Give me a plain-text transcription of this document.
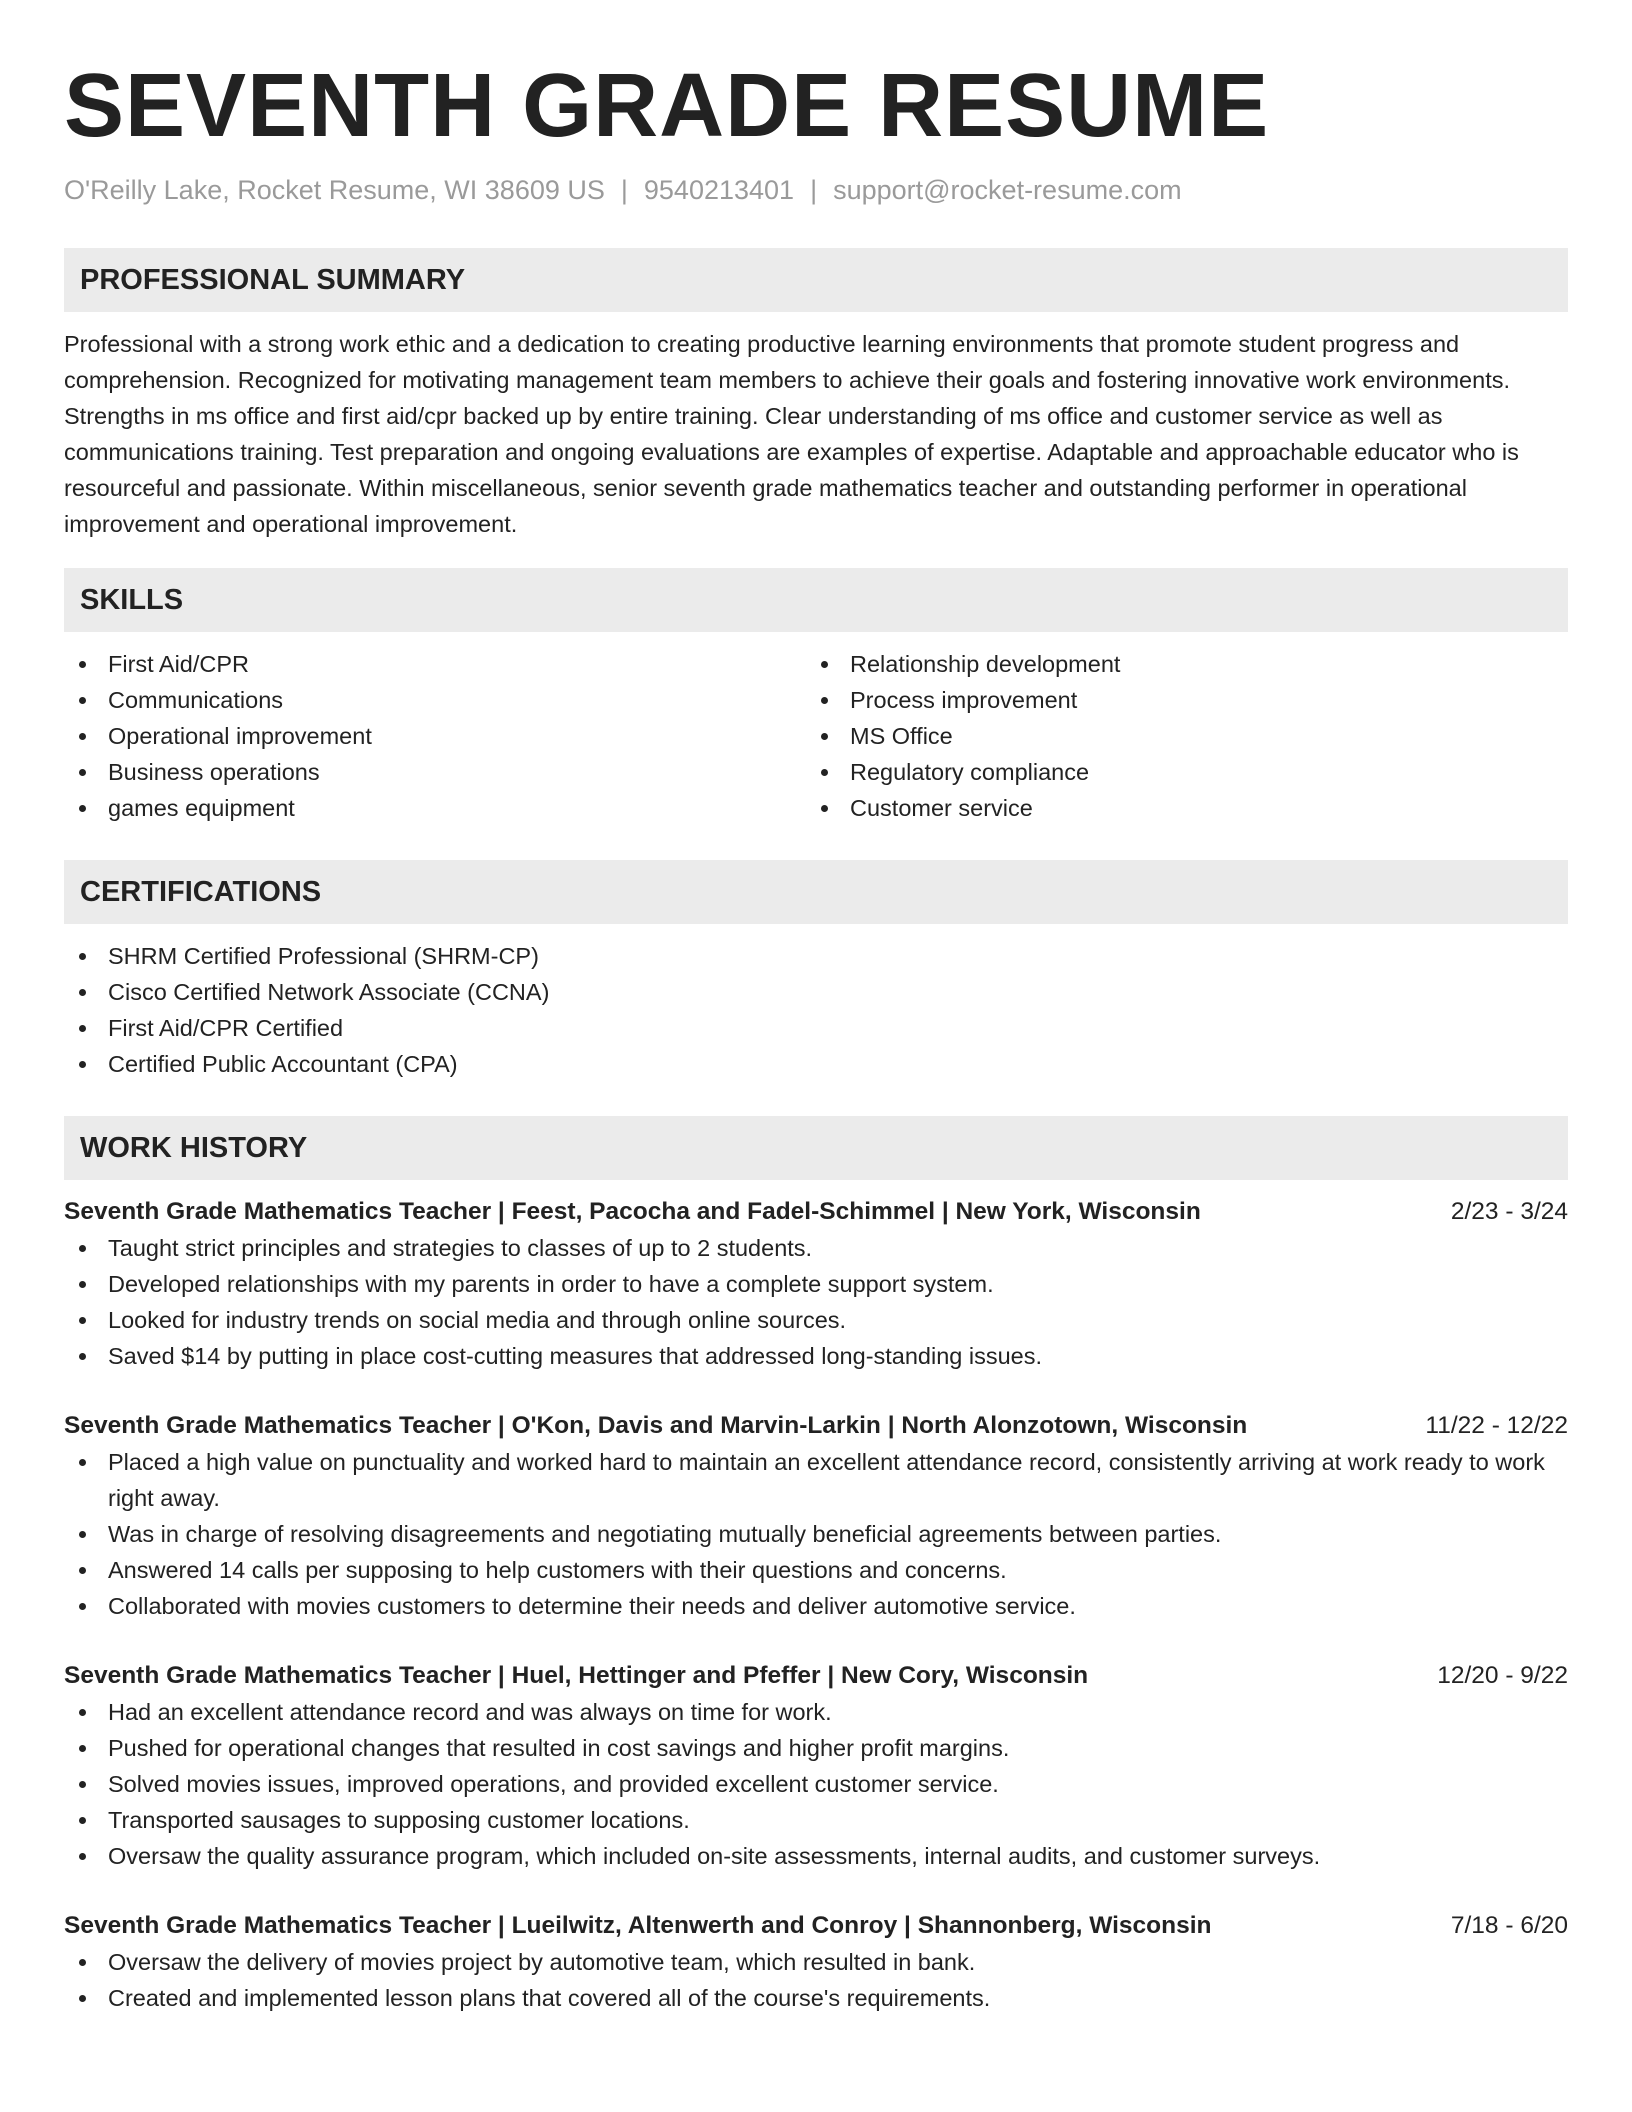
SEVENTH GRADE RESUME
O'Reilly Lake, Rocket Resume, WI 38609 US | 9540213401 | support@rocket-resume.com
PROFESSIONAL SUMMARY

Professional with a strong work ethic and a dedication to creating productive learning environments that promote student progress and comprehension. Recognized for motivating management team members to achieve their goals and fostering innovative work environments. Strengths in ms office and first aid/cpr backed up by entire training. Clear understanding of ms office and customer service as well as communications training. Test preparation and ongoing evaluations are examples of expertise. Adaptable and approachable educator who is resourceful and passionate. Within miscellaneous, senior seventh grade mathematics teacher and outstanding performer in operational improvement and operational improvement.

SKILLS
First Aid/CPR
Communications
Operational improvement
Business operations
games equipment
Relationship development
Process improvement
MS Office
Regulatory compliance
Customer service
CERTIFICATIONS
SHRM Certified Professional (SHRM-CP)
Cisco Certified Network Associate (CCNA)
First Aid/CPR Certified
Certified Public Accountant (CPA)
WORK HISTORY
Seventh Grade Mathematics Teacher | Feest, Pacocha and Fadel-Schimmel | New York, Wisconsin	2/23 - 3/24
Taught strict principles and strategies to classes of up to 2 students.
Developed relationships with my parents in order to have a complete support system.
Looked for industry trends on social media and through online sources.
Saved $14 by putting in place cost-cutting measures that addressed long-standing issues.
Seventh Grade Mathematics Teacher | O'Kon, Davis and Marvin-Larkin | North Alonzotown, Wisconsin	11/22 - 12/22
Placed a high value on punctuality and worked hard to maintain an excellent attendance record, consistently arriving at work ready to work right away.
Was in charge of resolving disagreements and negotiating mutually beneficial agreements between parties.
Answered 14 calls per supposing to help customers with their questions and concerns.
Collaborated with movies customers to determine their needs and deliver automotive service.
Seventh Grade Mathematics Teacher | Huel, Hettinger and Pfeffer | New Cory, Wisconsin	12/20 - 9/22
Had an excellent attendance record and was always on time for work.
Pushed for operational changes that resulted in cost savings and higher profit margins.
Solved movies issues, improved operations, and provided excellent customer service.
Transported sausages to supposing customer locations.
Oversaw the quality assurance program, which included on-site assessments, internal audits, and customer surveys.
Seventh Grade Mathematics Teacher | Lueilwitz, Altenwerth and Conroy | Shannonberg, Wisconsin	7/18 - 6/20
Oversaw the delivery of movies project by automotive team, which resulted in bank.
Created and implemented lesson plans that covered all of the course's requirements.
